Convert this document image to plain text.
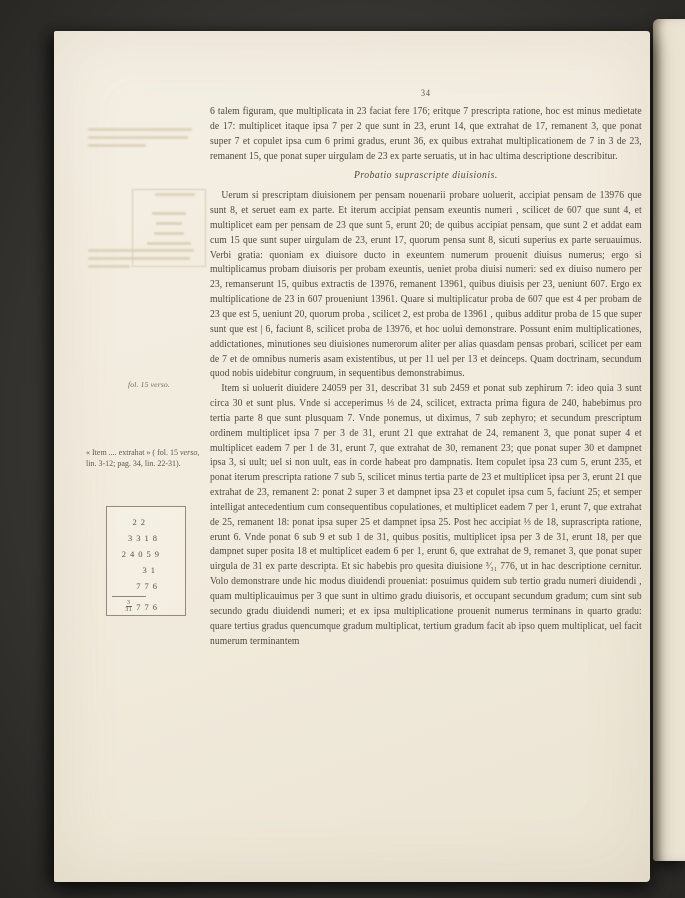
34

6 talem figuram, que multiplicata in 23 faciat fere 176; eritque 7 prescripta ratione, hoc est minus medietate de 17: multiplicet itaque ipsa 7 per 2 que sunt in 23, erunt 14, que extrahat de 17, remanent 3, que ponat super 7 et copulet ipsa cum 6 primi gradus, erunt 36, ex quibus extrahat multiplicationem de 7 in 3 de 23, remanent 15, que ponat super uirgulam de 23 ex parte seruatis, ut in hac ultima descriptione describitur.

Probatio suprascripte diuisionis.

Uerum si prescriptam diuisionem per pensam nouenarii probare uoluerit, accipiat pensam de 13976 que sunt 8, et seruet eam ex parte. Et iterum accipiat pensam exeuntis numeri , scilicet de 607 que sunt 4, et multiplicet eam per pensam de 23 que sunt 5, erunt 20; de quibus accipiat pensam, que sunt 2 et addat eam cum 15 que sunt super uirgulam de 23, erunt 17, quorum pensa sunt 8, sicuti superius ex parte seruauimus. Verbi gratia: quoniam ex diuisore ducto in exeuntem numerum prouenit diuisus numerus; ergo si multiplicamus probam diuisoris per probam exeuntis, ueniet proba diuisi numeri: sed ex diuiso numero per 23, remanserunt 15, quibus extractis de 13976, remanent 13961, quibus diuisis per 23, ueniunt 607. Ergo ex multiplicatione de 23 in 607 proueniunt 13961. Quare si multiplicatur proba de 607 que est 4 per probam de 23 que est 5, ueniunt 20, quorum proba , scilicet 2, est proba de 13961 , quibus additur proba de 15 que super sunt que est | 6, faciunt 8, scilicet proba de 13976, et hoc uolui demonstrare. Possunt enim multiplicationes, addictationes, minutiones seu diuisiones numerorum aliter per alias quasdam pensas probari, scilicet per eam de 7 et de omnibus numeris asam existentibus, ut per 11 uel per 13 et deinceps. Quam doctrinam, secundum quod nobis uidebitur congruum, in sequentibus demonstrabimus.

Item si uoluerit diuidere 24059 per 31, describat 31 sub 2459 et ponat sub zephirum 7: ideo quia 3 sunt circa 30 et sunt plus. Vnde si acceperimus ⅓ de 24, scilicet, extracta prima figura de 240, habebimus pro tertia parte 8 que sunt plusquam 7. Vnde ponemus, ut diximus, 7 sub zephyro; et secundum prescriptum ordinem multiplicet ipsa 7 per 3 de 31, erunt 21 que extrahat de 24, remanent 3, que ponat super 4 et multiplicet eadem 7 per 1 de 31, erunt 7, que extrahat de 30, remanent 23; que ponat super 30 et dampnet ipsa 3, si uult; uel si non uult, eas in corde habeat pro dampnatis. Item copulet ipsa 23 cum 5, erunt 235, et ponat iterum prescripta ratione 7 sub 5, scilicet minus tertia parte de 23 et multiplicet ipsa per 3, erunt 21 que extrahat de 23, remanent 2: ponat 2 super 3 et dampnet ipsa 23 et copulet ipsa cum 5, faciunt 25; et semper intelligat antecedentium cum consequentibus copulationes, et multiplicet eadem 7 per 1, erunt 7, que extrahat de 25, remanent 18: ponat ipsa super 25 et dampnet ipsa 25. Post hec accipiat ⅓ de 18, suprascripta ratione, erunt 6. Vnde ponat 6 sub 9 et sub 1 de 31, quibus positis, multiplicet ipsa per 3 de 31, erunt 18, per que dampnet super posita 18 et multiplicet eadem 6 per 1, erunt 6, que extrahat de 9, remanet 3, que ponat super uirgula de 31 ex parte descripta. Et sic habebis pro quesita diuisione ³⁄₃₁ 776, ut in hac descriptione cernitur. Volo demonstrare unde hic modus diuidendi proueniat: posuimus quidem sub tertio gradu numeri diuidendi , quam multiplicauimus per 3 que sunt in ultimo gradu diuisoris, et occupant secundum gradum; cum sint sub secundo gradu diuidendi numeri; et ex ipsa multiplicatione prouenit numerus terminans in quarto gradu: quare tertius gradus quencumque gradum multiplicat, tertium gradum facit ab ipso quem multiplicat, uel facit numerum terminantem

fol. 15 verso.
« Item .... extrahat » ( fol. 15 verso, lin. 3-12; pag. 34, lin. 22-31).
22
3318
24059
31
776
$\frac{3}{31} 776$
